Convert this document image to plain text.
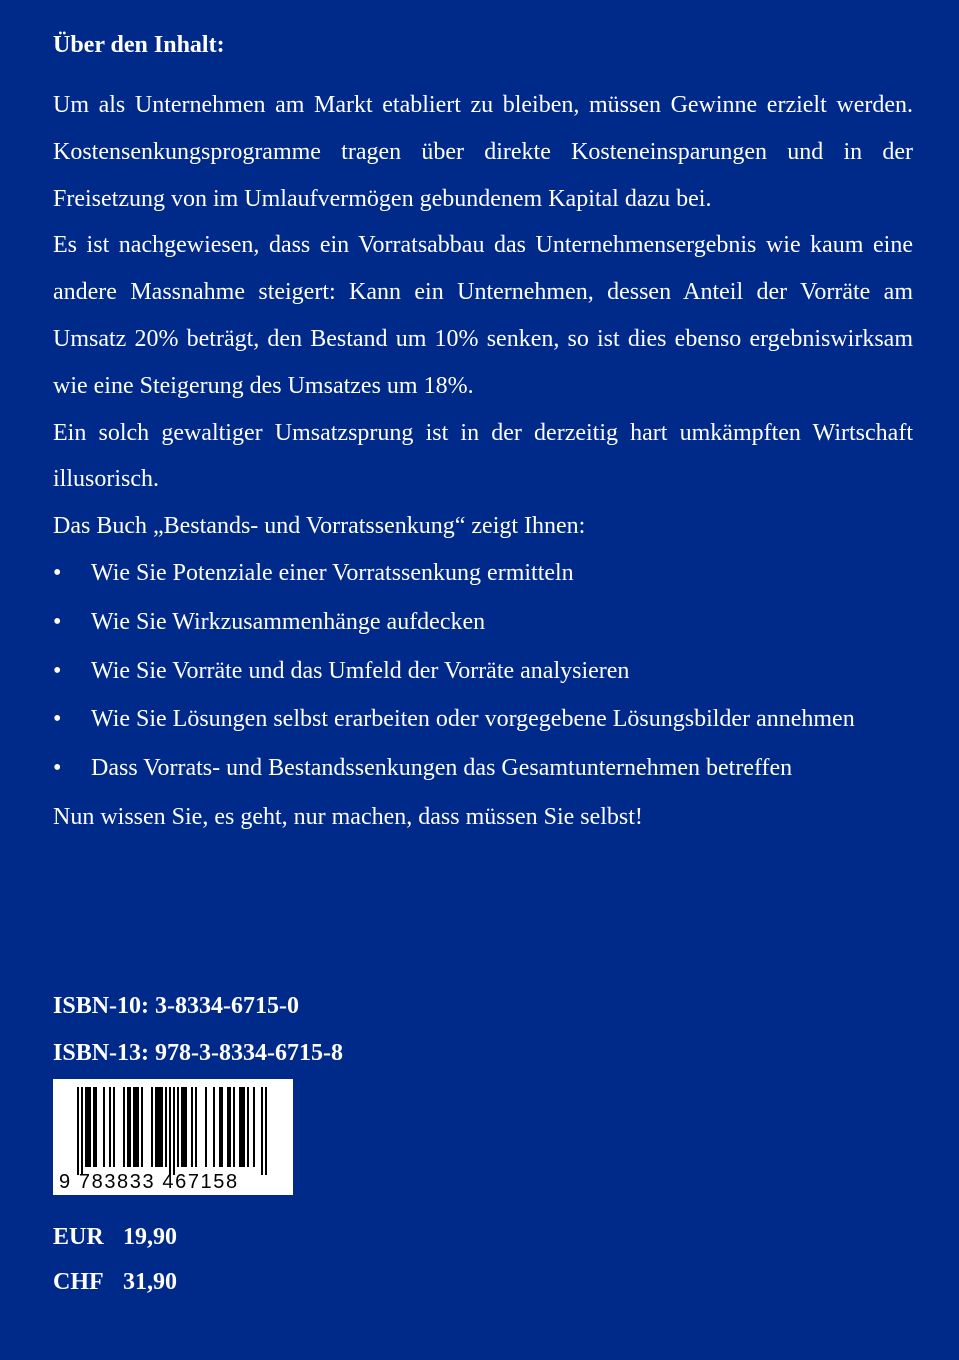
Über den Inhalt:

Um als Unternehmen am Markt etabliert zu bleiben, müssen Gewinne erzielt werden. Kostensenkungsprogramme tragen über direkte Kosteneinsparungen und in der Freisetzung von im Umlaufvermögen gebundenem Kapital dazu bei.

Es ist nachgewiesen, dass ein Vorratsabbau das Unternehmensergebnis wie kaum eine andere Massnahme steigert: Kann ein Unternehmen, dessen Anteil der Vorräte am Umsatz 20% beträgt, den Bestand um 10% senken, so ist dies ebenso ergebniswirksam wie eine Steigerung des Umsatzes um 18%.

Ein solch gewaltiger Umsatzsprung ist in der derzeitig hart umkämpften Wirtschaft illusorisch.

Das Buch „Bestands- und Vorratssenkung“ zeigt Ihnen:

•	Wie Sie Potenziale einer Vorratssenkung ermitteln
•	Wie Sie Wirkzusammenhänge aufdecken
•	Wie Sie Vorräte und das Umfeld der Vorräte analysieren
•	Wie Sie Lösungen selbst erarbeiten oder vorgegebene Lösungsbilder annehmen
•	Dass Vorrats- und Bestandssenkungen das Gesamtunternehmen betreffen

Nun wissen Sie, es geht, nur machen, dass müssen Sie selbst!

ISBN-10: 3-8334-6715-0
ISBN-13: 978-3-8334-6715-8
9 783833 467158
EUR 19,90
CHF 31,90
